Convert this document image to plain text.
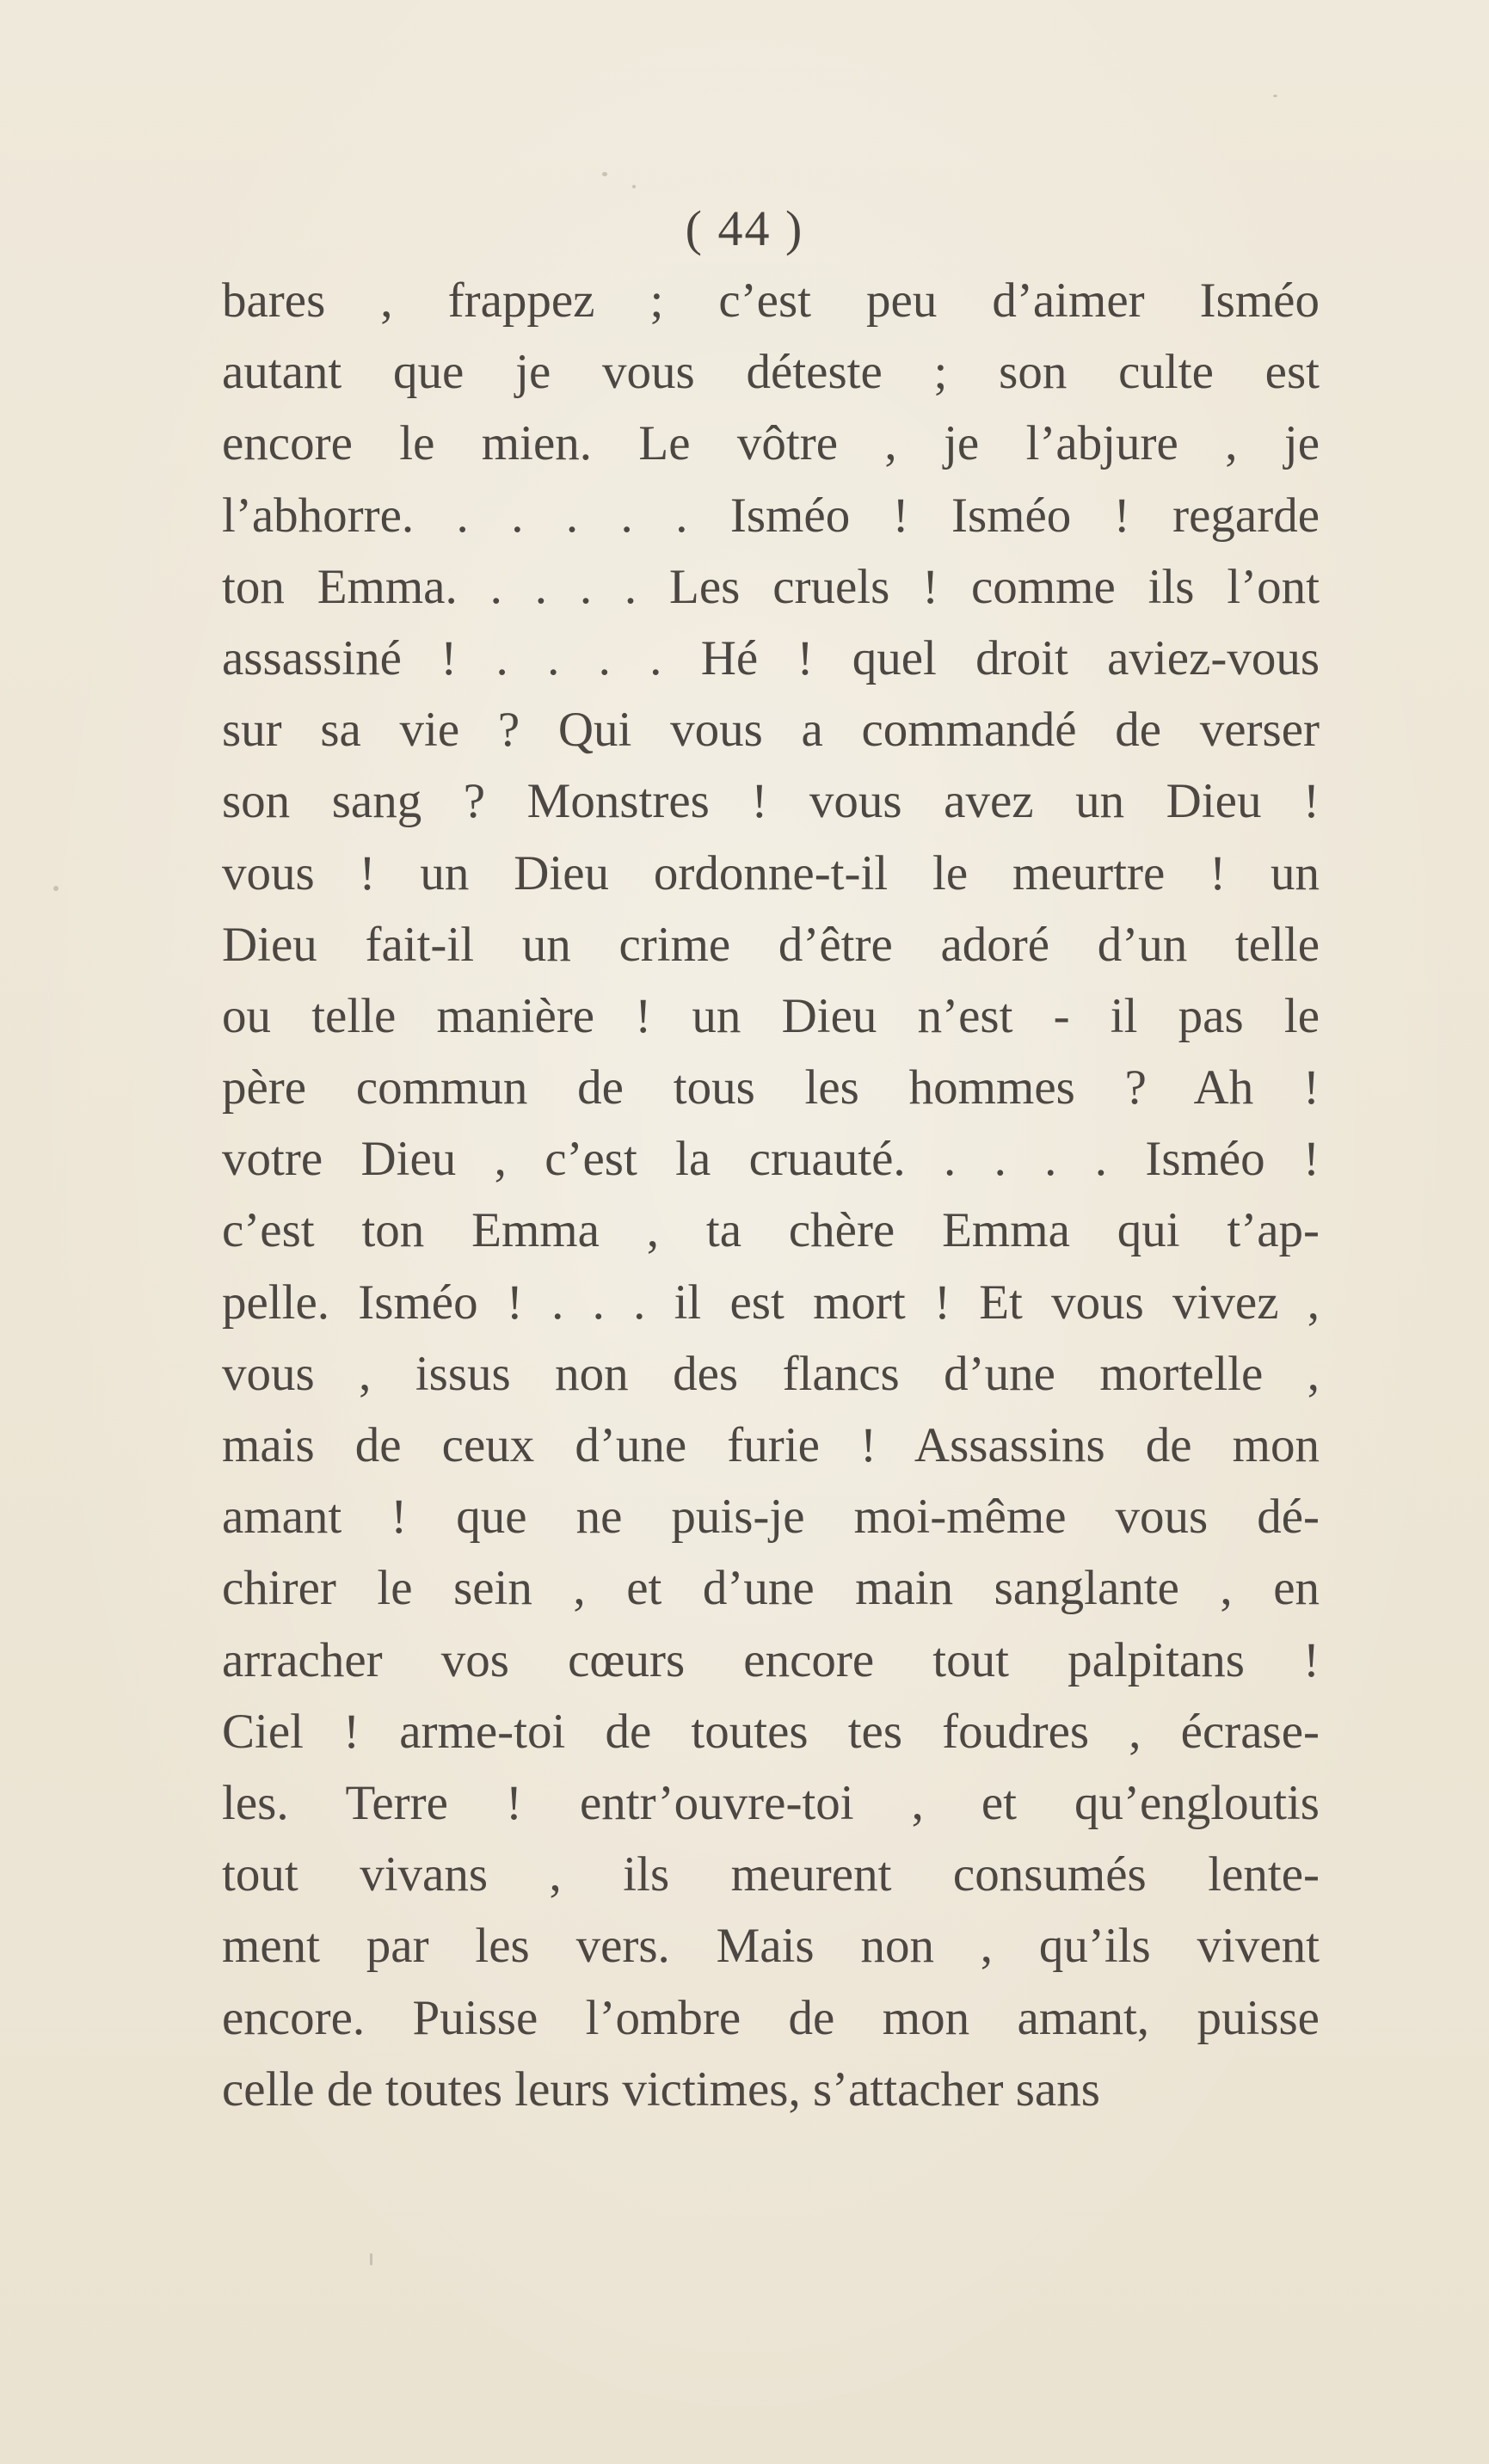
( 44 )
bares , frappez ; c’est peu d’aimer Isméo
autant que je vous déteste ; son culte est
encore le mien. Le vôtre , je l’abjure , je
l’abhorre. . . . . . Isméo ! Isméo ! regarde
ton Emma. . . . . Les cruels ! comme ils l’ont
assassiné ! . . . . Hé ! quel droit aviez-vous
sur sa vie ? Qui vous a commandé de verser
son sang ? Monstres ! vous avez un Dieu !
vous ! un Dieu ordonne-t-il le meurtre ! un
Dieu fait-il un crime d’être adoré d’un telle
ou telle manière ! un Dieu n’est - il pas le
père commun de tous les hommes ? Ah !
votre Dieu , c’est la cruauté. . . . . Isméo !
c’est ton Emma , ta chère Emma qui t’ap-
pelle. Isméo ! . . . il est mort ! Et vous vivez ,
vous , issus non des flancs d’une mortelle ,
mais de ceux d’une furie ! Assassins de mon
amant ! que ne puis-je moi-même vous dé-
chirer le sein , et d’une main sanglante , en
arracher vos cœurs encore tout palpitans !
Ciel ! arme-toi de toutes tes foudres , écrase-
les. Terre ! entr’ouvre-toi , et qu’engloutis
tout vivans , ils meurent consumés lente-
ment par les vers. Mais non , qu’ils vivent
encore. Puisse l’ombre de mon amant, puisse
celle de toutes leurs victimes, s’attacher sans
